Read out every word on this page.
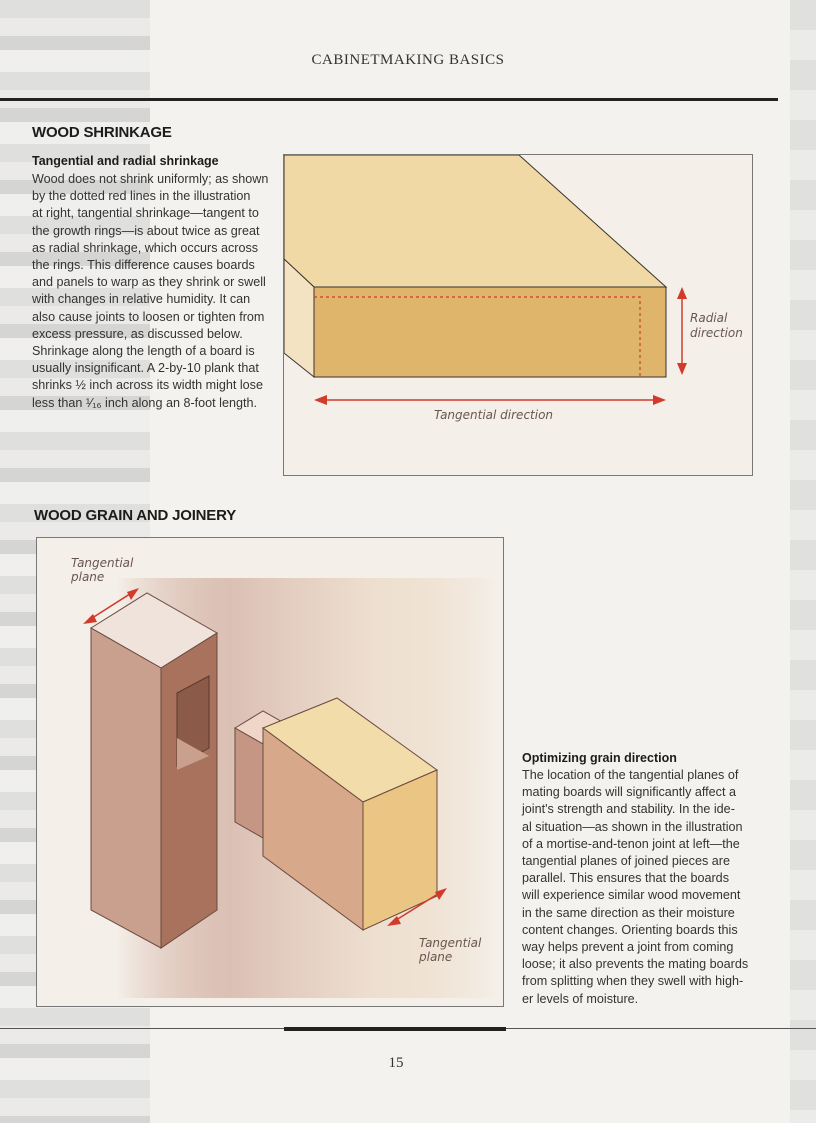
CABINETMAKING BASICS
WOOD SHRINKAGE
Tangential and radial shrinkage
Wood does not shrink uniformly; as shown
by the dotted red lines in the illustration
at right, tangential shrinkage—tangent to
the growth rings—is about twice as great
as radial shrinkage, which occurs across
the rings. This difference causes boards
and panels to warp as they shrink or swell
with changes in relative humidity. It can
also cause joints to loosen or tighten from
excess pressure, as discussed below.
Shrinkage along the length of a board is
usually insignificant. A 2-by-10 plank that
shrinks ½ inch across its width might lose
less than ¹⁄₁₆ inch along an 8-foot length.
Radial
direction
Tangential direction
WOOD GRAIN AND JOINERY
Tangential
plane
Tangential
plane
Optimizing grain direction
The location of the tangential planes of
mating boards will significantly affect a
joint's strength and stability. In the ide-
al situation—as shown in the illustration
of a mortise-and-tenon joint at left—the
tangential planes of joined pieces are
parallel. This ensures that the boards
will experience similar wood movement
in the same direction as their moisture
content changes. Orienting boards this
way helps prevent a joint from coming
loose; it also prevents the mating boards
from splitting when they swell with high-
er levels of moisture.
15
